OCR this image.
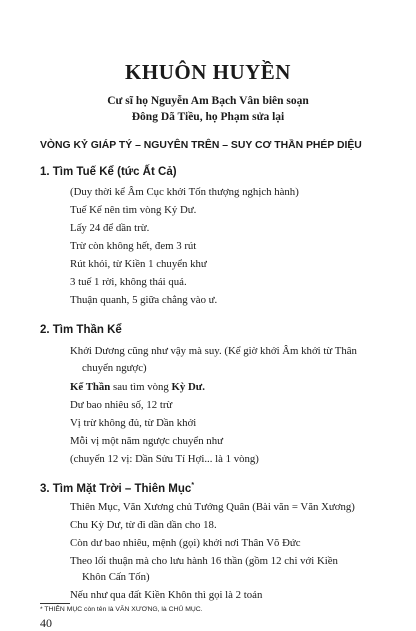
KHUÔN HUYỀN
Cư sĩ họ Nguyễn Am Bạch Vân biên soạn
Đông Dã Tiều, họ Phạm sửa lại
VÒNG KỶ GIÁP TÝ – NGUYÊN TRÊN – SUY CƠ THẦN PHÉP DIỆU
1. Tìm Tuế Kể (tức Ất Cả)
(Duy thời kể Âm Cục khởi Tốn thượng nghịch hành)
Tuế Kể nên tìm vòng Kỷ Dư.
Lấy 24 để dần trừ.
Trừ còn không hết, đem 3 rút
Rút khỏi, từ Kiền 1 chuyển khư
3 tuế 1 rời, không thái quá.
Thuận quanh, 5 giữa chẳng vào ư.
2. Tìm Thần Kể
Khởi Dương cũng như vậy mà suy. (Kể giờ khởi Âm khởi từ Thân
chuyển ngược)
Kể Thần sau tìm vòng Kỳ Dư.
Dư bao nhiêu số, 12 trừ
Vị trừ không đủ, từ Dần khởi
Mỗi vị một năm ngược chuyển như
(chuyển 12 vị: Dần Sửu Tí Hợi... là 1 vòng)
3. Tìm Mặt Trời – Thiên Mục*
Thiên Mục, Văn Xương chủ Tướng Quân (Bài văn = Văn Xương)
Chu Kỳ Dư, từ đi dần dần cho 18.
Còn dư bao nhiêu, mệnh (gọi) khởi nơi Thân Võ Đức
Theo lối thuận mà cho lưu hành 16 thần (gồm 12 chi với Kiền
Khôn Cấn Tốn)
Nếu như qua đất Kiền Khôn thì gọi là 2 toán
* THIÊN MỤC còn tên là VĂN XƯƠNG, là CHỦ MỤC.
40
